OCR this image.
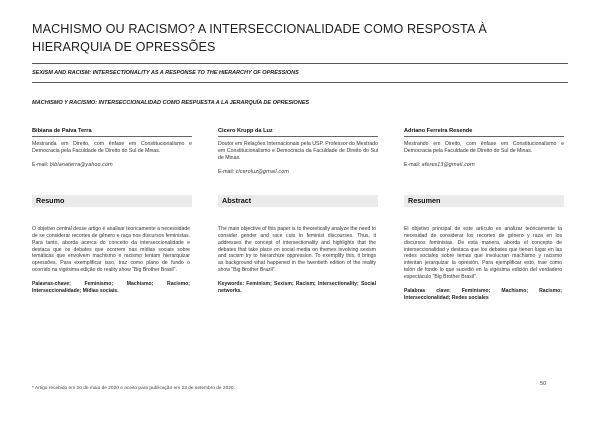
MACHISMO OU RACISMO? A INTERSECCIONALIDADE COMO RESPOSTA À
HIERARQUIA DE OPRESSÕES
SEXISM AND RACISM: INTERSECTIONALITY AS A RESPONSE TO THE HIERARCHY OF OPRESSIONS
MACHISMO Y RACISMO: INTERSECCIONALIDAD COMO RESPUESTA A LA JERARQUÍA DE OPRESIONES
Bibiana de Paiva Terra
Mestranda em Direito, com ênfase em Constitucionalismo e Democracia pela Faculdade de Direito do Sul de Minas.
E-mail: bibianaterra@yahoo.com
Cicero Krupp da Luz
Doutor em Relações Internacionais pela USP. Professor do Mestrado em Constitucionalismo e Democracia da Faculdade de Direito do Sul de Minas.
E-mail: ciceroluz@gmail.com
Adriano Ferreira Resende
Mestrando em Direito, com ênfase em Constitucionalismo e Democracia pela Faculdade de Direito do Sul de Minas.
E-mail: aferes13@gmail.com
Resumo	Abstract	Resumen
O objetivo central desse artigo é analisar teoricamente a necessidade de se considerar recortes de gênero e raça nos discursos feministas. Para tanto, aborda acerca do conceito da interseccionalidade e destaca que os debates que ocorrem nas mídias sociais sobre temáticas que envolvem machismo e racismo tentam hierarquizar opressões. Para exemplificar isso, traz como plano de fundo o ocorrido na vigésima edição do reality show "Big Brother Brasil".
Palavras-chave: Feminismo; Machismo; Racismo; Interseccionalidade; Mídias sociais.
The main objective of this paper is to theoretically analyze the need to consider gender and race cuts in feminist discourses. Thus, it addresses the concept of intersectionality and highlights that the debates that take place on social media on themes involving sexism and racism try to hierarchize oppression. To exemplify this, it brings as background what happened in the twentieth edition of the reality show "Big Brother Brazil".
Keywords: Feminism; Sexism; Racism; Intersectionality; Social networks.
El objetivo principal de este artículo es analizar teóricamente la necesidad de considerar los recortes de género y raza en los discursos feministas. De esta manera, aborda el concepto de interseccionalidad y destaca que los debates que tienen lugar en las redes sociales sobre temas que involucran machismo y racismo intentan jerarquizar la opresión. Para ejemplificar esto, trae como telón de fondo lo que sucedió en la vigésima edición del verdadero espectáculo "Big Brother Brasil".
Palabras clave: Feminismo; Machismo; Racismo; Interseccionalidad; Redes sociales
* Artigo recebido em 20 de maio de 2020 e aceito para publicação em 23 de setembro de 2020.
50
